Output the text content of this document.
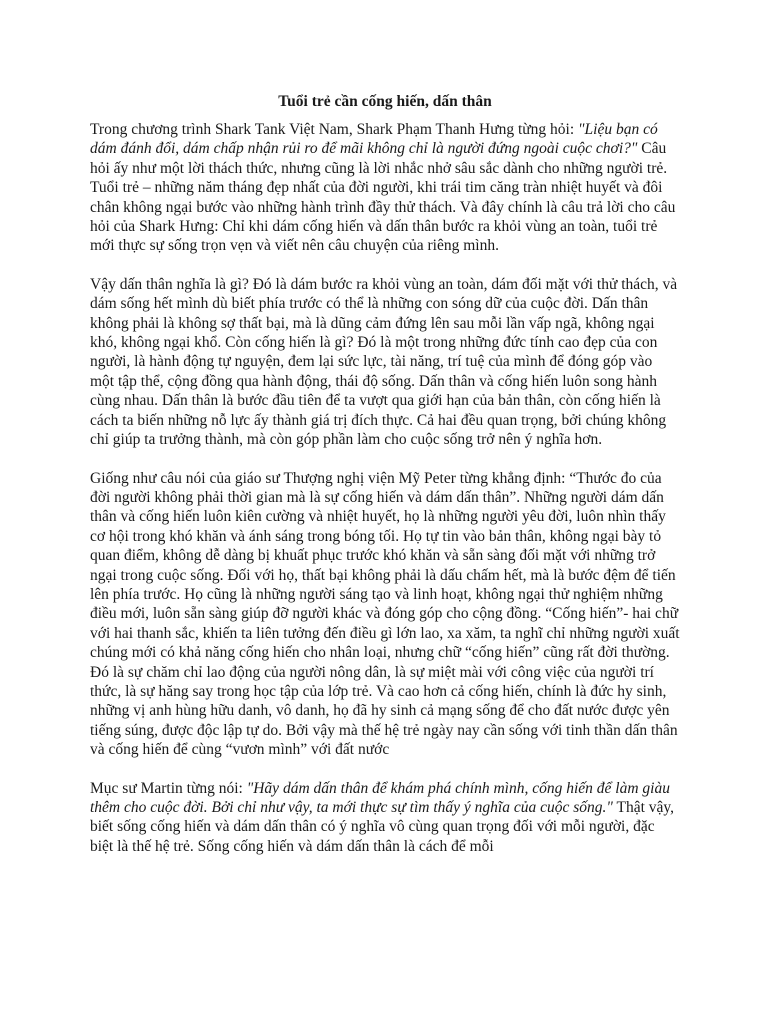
Tuổi trẻ cần cống hiến, dấn thân

Trong chương trình Shark Tank Việt Nam, Shark Phạm Thanh Hưng từng hỏi: "Liệu bạn có dám đánh đổi, dám chấp nhận rủi ro để mãi không chỉ là người đứng ngoài cuộc chơi?" Câu hỏi ấy như một lời thách thức, nhưng cũng là lời nhắc nhở sâu sắc dành cho những người trẻ. Tuổi trẻ – những năm tháng đẹp nhất của đời người, khi trái tim căng tràn nhiệt huyết và đôi chân không ngại bước vào những hành trình đầy thử thách. Và đây chính là câu trả lời cho câu hỏi của Shark Hưng: Chỉ khi dám cống hiến và dấn thân bước ra khỏi vùng an toàn, tuổi trẻ mới thực sự sống trọn vẹn và viết nên câu chuyện của riêng mình.

Vậy dấn thân nghĩa là gì? Đó là dám bước ra khỏi vùng an toàn, dám đối mặt với thử thách, và dám sống hết mình dù biết phía trước có thể là những con sóng dữ của cuộc đời. Dấn thân không phải là không sợ thất bại, mà là dũng cảm đứng lên sau mỗi lần vấp ngã, không ngại khó, không ngại khổ. Còn cống hiến là gì? Đó là một trong những đức tính cao đẹp của con người, là hành động tự nguyện, đem lại sức lực, tài năng, trí tuệ của mình để đóng góp vào một tập thể, cộng đồng qua hành động, thái độ sống. Dấn thân và cống hiến luôn song hành cùng nhau. Dấn thân là bước đầu tiên để ta vượt qua giới hạn của bản thân, còn cống hiến là cách ta biến những nỗ lực ấy thành giá trị đích thực. Cả hai đều quan trọng, bởi chúng không chỉ giúp ta trưởng thành, mà còn góp phần làm cho cuộc sống trở nên ý nghĩa hơn.

Giống như câu nói của giáo sư Thượng nghị viện Mỹ Peter từng khẳng định: “Thước đo của đời người không phải thời gian mà là sự cống hiến và dám dấn thân”. Những người dám dấn thân và cống hiến luôn kiên cường và nhiệt huyết, họ là những người yêu đời, luôn nhìn thấy cơ hội trong khó khăn và ánh sáng trong bóng tối. Họ tự tin vào bản thân, không ngại bày tỏ quan điểm, không dễ dàng bị khuất phục trước khó khăn và sẵn sàng đối mặt với những trở ngại trong cuộc sống. Đối với họ, thất bại không phải là dấu chấm hết, mà là bước đệm để tiến lên phía trước. Họ cũng là những người sáng tạo và linh hoạt, không ngại thử nghiệm những điều mới, luôn sẵn sàng giúp đỡ người khác và đóng góp cho cộng đồng. “Cống hiến”- hai chữ với hai thanh sắc, khiến ta liên tưởng đến điều gì lớn lao, xa xăm, ta nghĩ chỉ những người xuất chúng mới có khả năng cống hiến cho nhân loại, nhưng chữ “cống hiến” cũng rất đời thường. Đó là sự chăm chỉ lao động của người nông dân, là sự miệt mài với công việc của người trí thức, là sự hăng say trong học tập của lớp trẻ. Và cao hơn cả cống hiến, chính là đức hy sinh, những vị anh hùng hữu danh, vô danh, họ đã hy sinh cả mạng sống để cho đất nước được yên tiếng súng, được độc lập tự do. Bởi vậy mà thế hệ trẻ ngày nay cần sống với tinh thần dấn thân và cống hiến để cùng “vươn mình” với đất nước

Mục sư Martin từng nói: "Hãy dám dấn thân để khám phá chính mình, cống hiến để làm giàu thêm cho cuộc đời. Bởi chỉ như vậy, ta mới thực sự tìm thấy ý nghĩa của cuộc sống." Thật vậy, biết sống cống hiến và dám dấn thân có ý nghĩa vô cùng quan trọng đối với mỗi người, đặc biệt là thế hệ trẻ. Sống cống hiến và dám dấn thân là cách để mỗi
